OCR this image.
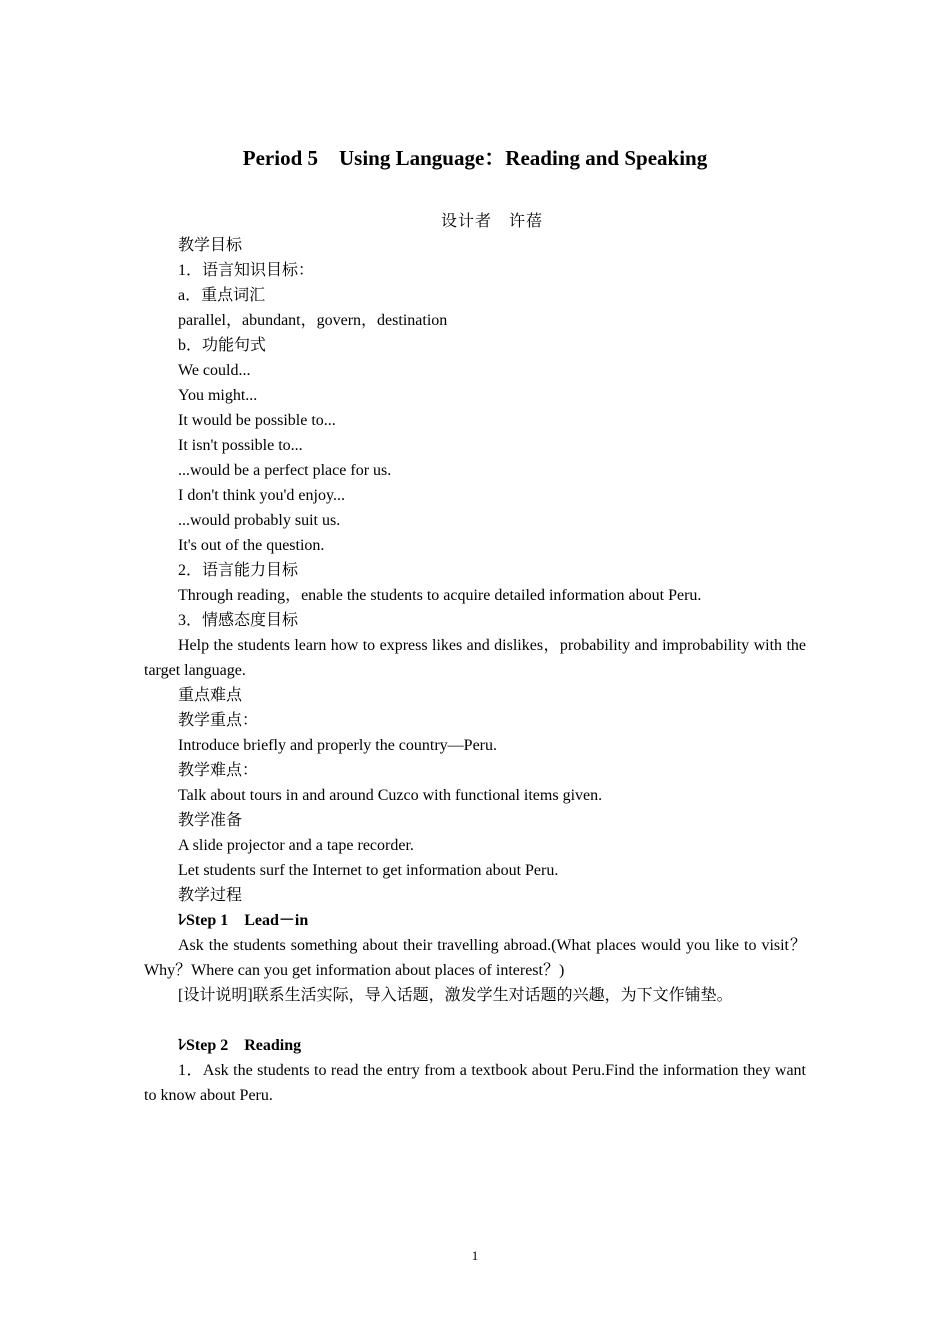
Period 5　Using Language：Reading and Speaking
设计者　许蓓
教学目标
1．语言知识目标：
a．重点词汇
parallel，abundant，govern，destination
b．功能句式
We could...
You might...
It would be possible to...
It isn't possible to...
...would be a perfect place for us.
I don't think you'd enjoy...
...would probably suit us.
It's out of the question.
2．语言能力目标
Through reading，enable the students to acquire detailed information about Peru.
3．情感态度目标
Help the students learn how to express likes and dislikes，probability and improbability with the target language.
重点难点
教学重点：
Introduce briefly and properly the country—Peru.
教学难点：
Talk about tours in and around Cuzco with functional items given.
教学准备
A slide projector and a tape recorder.
Let students surf the Internet to get information about Peru.
教学过程
ﾚStep 1　Lead－in
Ask the students something about their travelling abroad.(What places would you like to visit？Why？Where can you get information about places of interest？)
[设计说明]联系生活实际，导入话题，激发学生对话题的兴趣，为下文作铺垫。
ﾚStep 2　Reading
1．Ask the students to read the entry from a textbook about Peru.Find the information they want to know about Peru.
1
